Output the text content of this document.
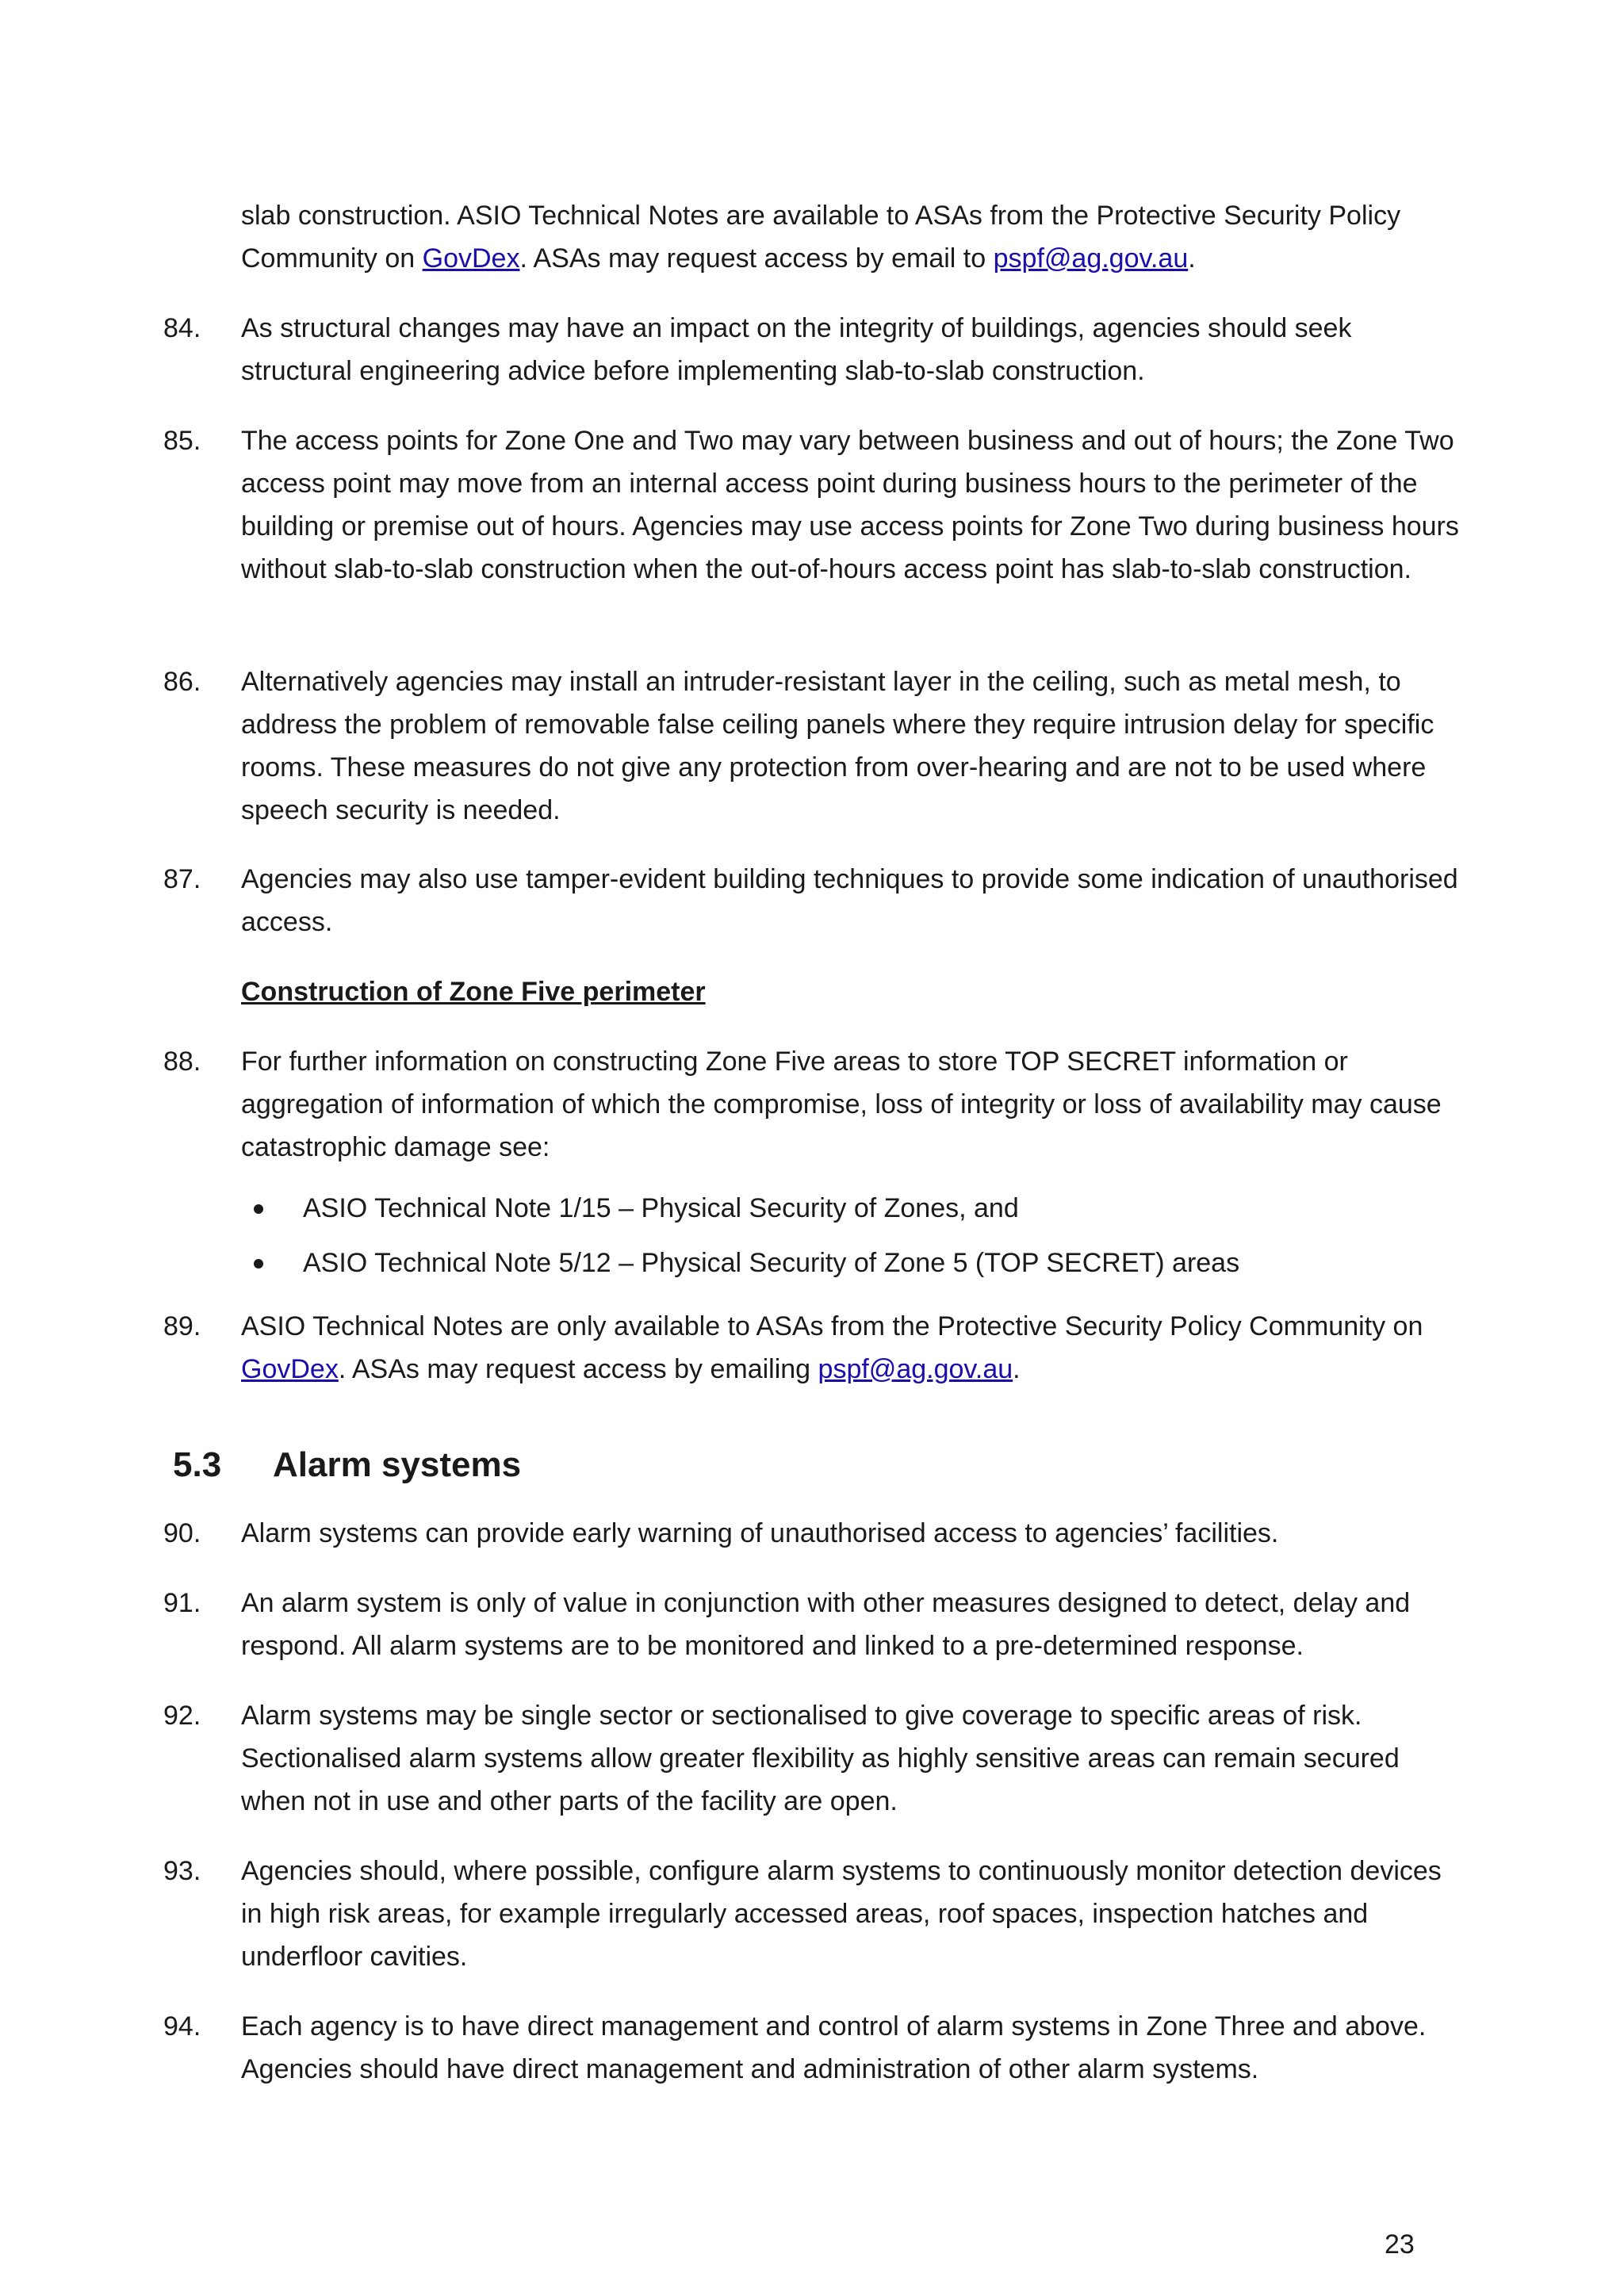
slab construction. ASIO Technical Notes are available to ASAs from the Protective Security Policy Community on GovDex. ASAs may request access by email to pspf@ag.gov.au.
84.	As structural changes may have an impact on the integrity of buildings, agencies should seek structural engineering advice before implementing slab-to-slab construction.
85.	The access points for Zone One and Two may vary between business and out of hours; the Zone Two access point may move from an internal access point during business hours to the perimeter of the building or premise out of hours. Agencies may use access points for Zone Two during business hours without slab-to-slab construction when the out-of-hours access point has slab-to-slab construction.
86.	Alternatively agencies may install an intruder-resistant layer in the ceiling, such as metal mesh, to address the problem of removable false ceiling panels where they require intrusion delay for specific rooms. These measures do not give any protection from over-hearing and are not to be used where speech security is needed.
87.	Agencies may also use tamper-evident building techniques to provide some indication of unauthorised access.
Construction of Zone Five perimeter
88.	For further information on constructing Zone Five areas to store TOP SECRET information or aggregation of information of which the compromise, loss of integrity or loss of availability may cause catastrophic damage see:
ASIO Technical Note 1/15 – Physical Security of Zones, and
ASIO Technical Note 5/12 – Physical Security of Zone 5 (TOP SECRET) areas
89.	ASIO Technical Notes are only available to ASAs from the Protective Security Policy Community on GovDex. ASAs may request access by emailing pspf@ag.gov.au.
5.3 Alarm systems
90.	Alarm systems can provide early warning of unauthorised access to agencies’ facilities.
91.	An alarm system is only of value in conjunction with other measures designed to detect, delay and respond. All alarm systems are to be monitored and linked to a pre-determined response.
92.	Alarm systems may be single sector or sectionalised to give coverage to specific areas of risk. Sectionalised alarm systems allow greater flexibility as highly sensitive areas can remain secured when not in use and other parts of the facility are open.
93.	Agencies should, where possible, configure alarm systems to continuously monitor detection devices in high risk areas, for example irregularly accessed areas, roof spaces, inspection hatches and underfloor cavities.
94.	Each agency is to have direct management and control of alarm systems in Zone Three and above. Agencies should have direct management and administration of other alarm systems.
23
